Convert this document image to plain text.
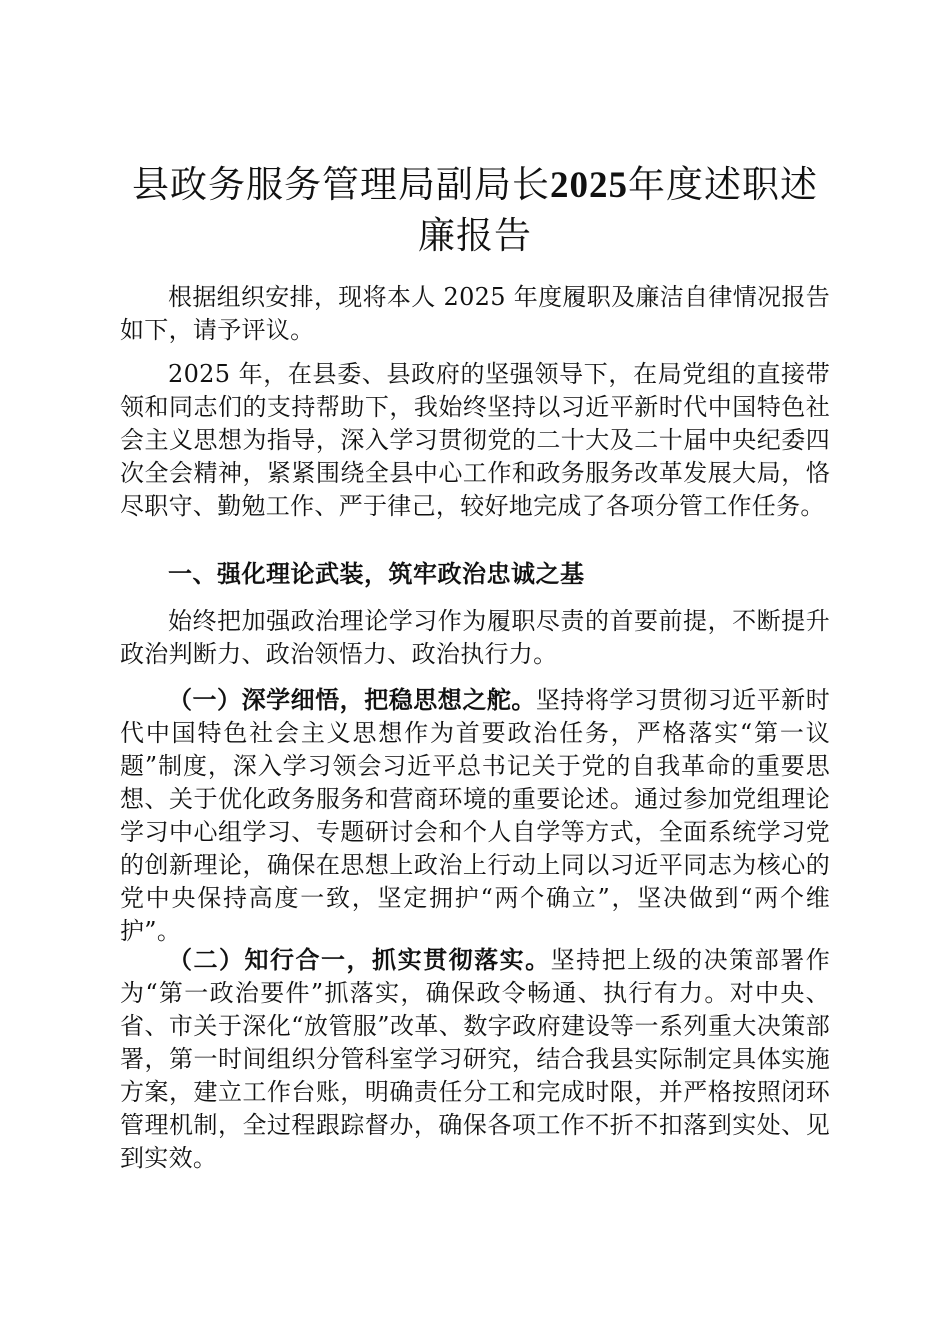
县政务服务管理局副局长2025年度述职述廉报告

根据组织安排，现将本人 2025 年度履职及廉洁自律情况报告如下，请予评议。

2025 年，在县委、县政府的坚强领导下，在局党组的直接带领和同志们的支持帮助下，我始终坚持以习近平新时代中国特色社会主义思想为指导，深入学习贯彻党的二十大及二十届中央纪委四次全会精神，紧紧围绕全县中心工作和政务服务改革发展大局，恪尽职守、勤勉工作、严于律己，较好地完成了各项分管工作任务。

一、强化理论武装，筑牢政治忠诚之基

始终把加强政治理论学习作为履职尽责的首要前提，不断提升政治判断力、政治领悟力、政治执行力。

（一）深学细悟，把稳思想之舵。坚持将学习贯彻习近平新时代中国特色社会主义思想作为首要政治任务，严格落实“第一议题”制度，深入学习领会习近平总书记关于党的自我革命的重要思想、关于优化政务服务和营商环境的重要论述。通过参加党组理论学习中心组学习、专题研讨会和个人自学等方式，全面系统学习党的创新理论，确保在思想上政治上行动上同以习近平同志为核心的党中央保持高度一致，坚定拥护“两个确立”，坚决做到“两个维护”。

（二）知行合一，抓实贯彻落实。坚持把上级的决策部署作为“第一政治要件”抓落实，确保政令畅通、执行有力。对中央、省、市关于深化“放管服”改革、数字政府建设等一系列重大决策部署，第一时间组织分管科室学习研究，结合我县实际制定具体实施方案，建立工作台账，明确责任分工和完成时限，并严格按照闭环管理机制，全过程跟踪督办，确保各项工作不折不扣落到实处、见到实效。
